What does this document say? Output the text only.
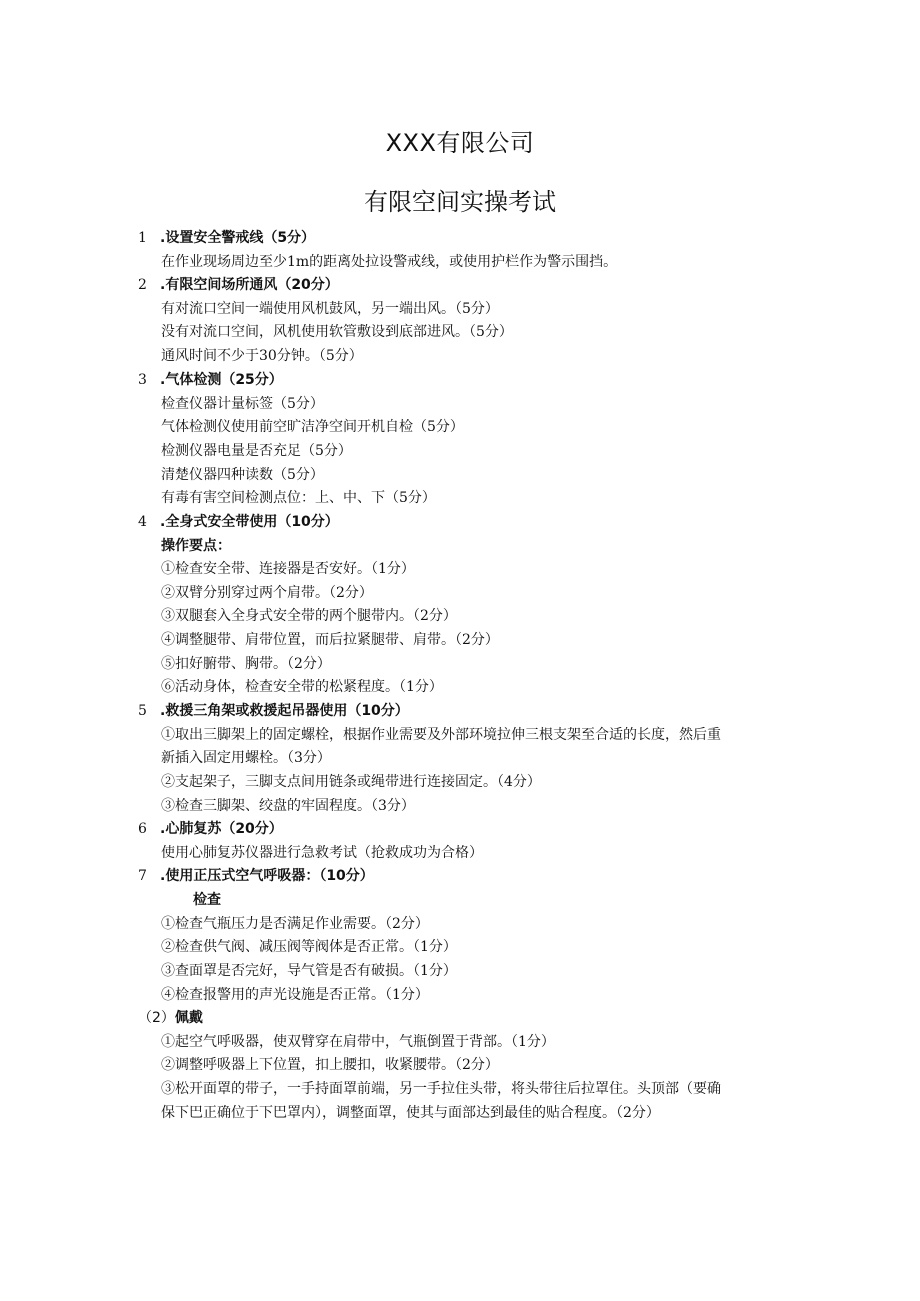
XXX有限公司
有限空间实操考试
1 .设置安全警戒线（5分）
在作业现场周边至少1m的距离处拉设警戒线，或使用护栏作为警示围挡。
2 .有限空间场所通风（20分）
有对流口空间一端使用风机鼓风，另一端出风。（5分）
没有对流口空间，风机使用软管敷设到底部进风。（5分）
通风时间不少于30分钟。（5分）
3 .气体检测（25分）
检查仪器计量标签（5分）
气体检测仪使用前空旷洁净空间开机自检（5分）
检测仪器电量是否充足（5分）
清楚仪器四种读数（5分）
有毒有害空间检测点位：上、中、下（5分）
4 .全身式安全带使用（10分）
操作要点：
①检查安全带、连接器是否安好。（1分）
②双臂分别穿过两个肩带。（2分）
③双腿套入全身式安全带的两个腿带内。（2分）
④调整腿带、肩带位置，而后拉紧腿带、肩带。（2分）
⑤扣好腑带、胸带。（2分）
⑥活动身体，检查安全带的松紧程度。（1分）
5 .救援三角架或救援起吊器使用（10分）
①取出三脚架上的固定螺栓，根据作业需要及外部环境拉伸三根支架至合适的长度，然后重
新插入固定用螺栓。（3分）
②支起架子，三脚支点间用链条或绳带进行连接固定。（4分）
③检查三脚架、绞盘的牢固程度。（3分）
6 .心肺复苏（20分）
使用心肺复苏仪器进行急救考试（抢救成功为合格）
7 .使用正压式空气呼吸器：（10分）
检查
①检查气瓶压力是否满足作业需要。（2分）
②检查供气阀、减压阀等阀体是否正常。（1分）
③查面罩是否完好，导气管是否有破损。（1分）
④检查报警用的声光设施是否正常。（1分）
（2）佩戴
①起空气呼吸器，使双臂穿在肩带中，气瓶倒置于背部。（1分）
②调整呼吸器上下位置，扣上腰扣，收紧腰带。（2分）
③松开面罩的带子，一手持面罩前端，另一手拉住头带，将头带往后拉罩住。头顶部（要确
保下巴正确位于下巴罩内），调整面罩，使其与面部达到最佳的贴合程度。（2分）
